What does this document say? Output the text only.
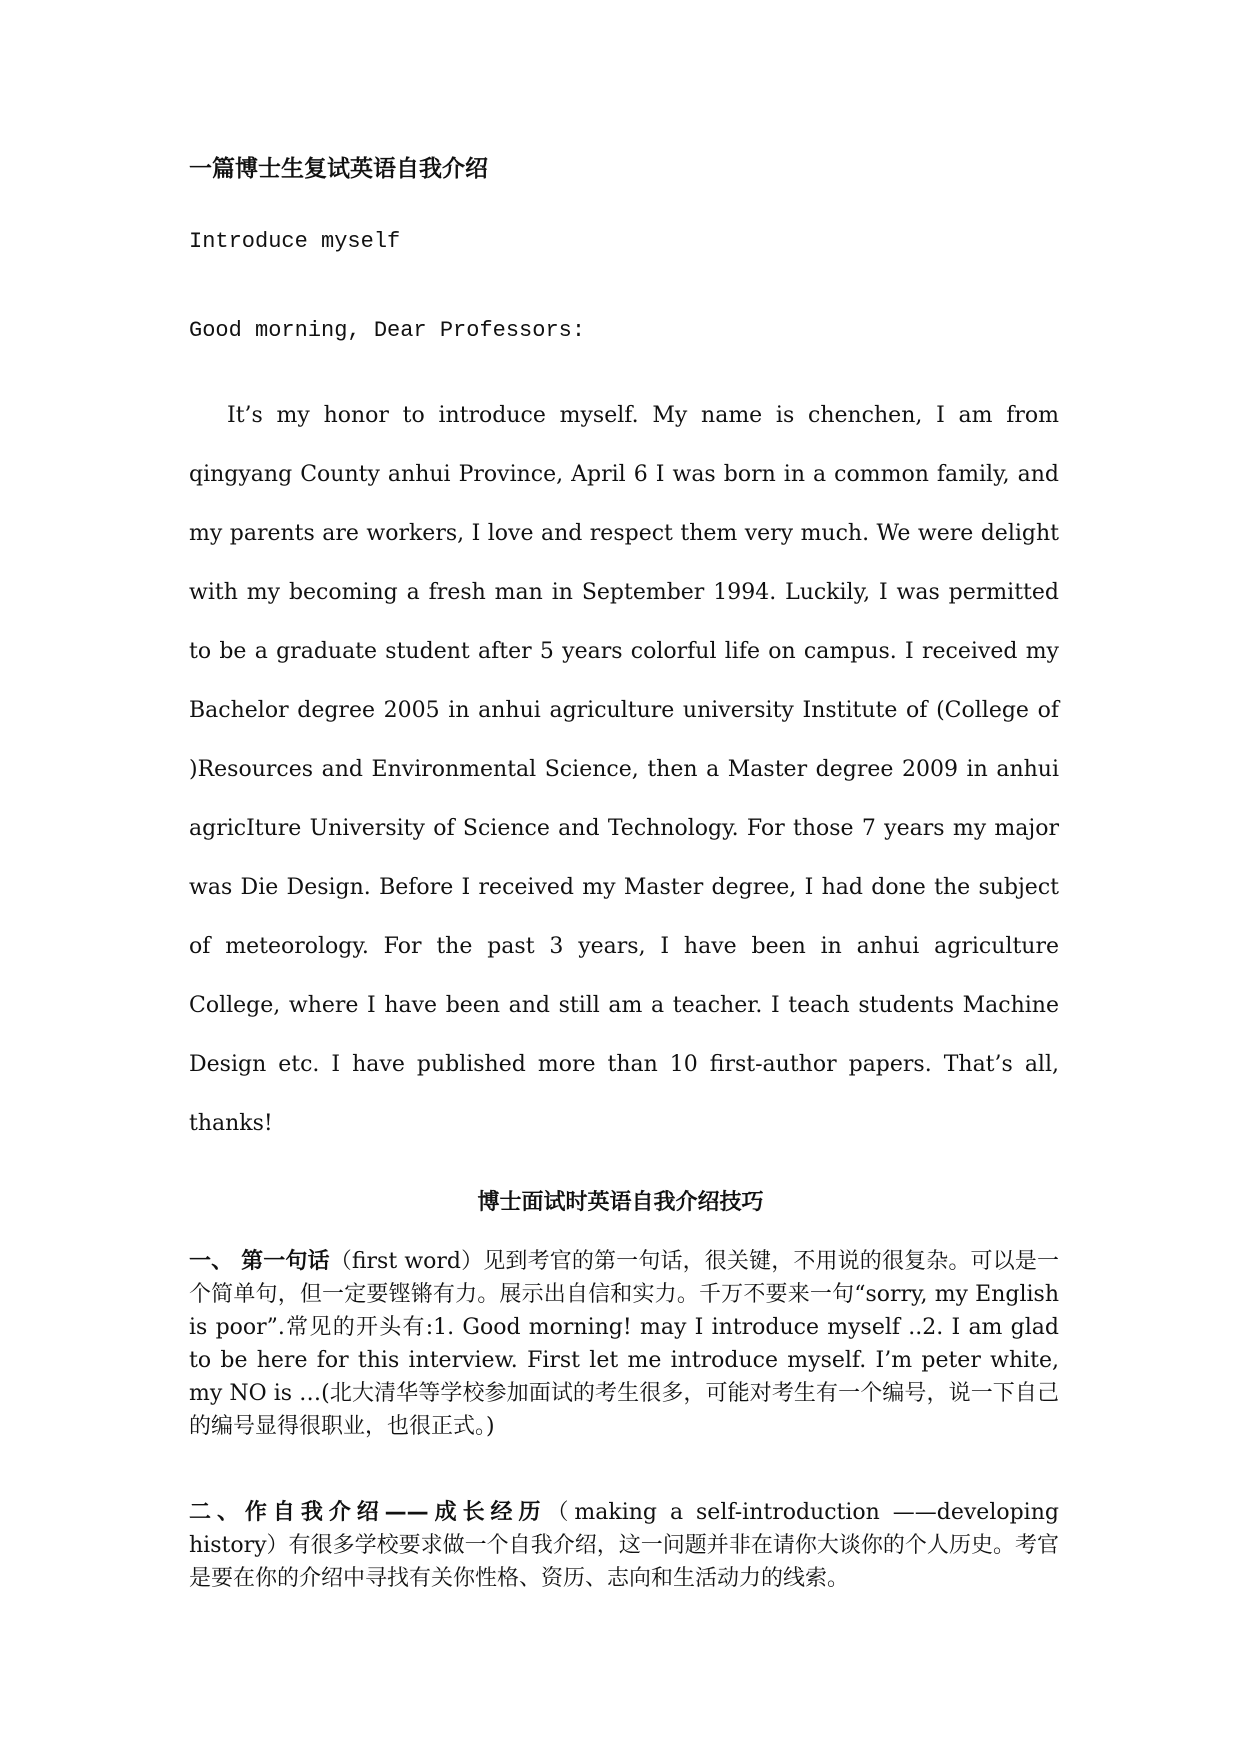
一篇博士生复试英语自我介绍
Introduce myself
Good morning, Dear Professors:
It’s my honor to introduce myself. My name is chenchen, I am from qingyang County anhui Province, April 6 I was born in a common family, and my parents are workers, I love and respect them very much. We were delight with my becoming a fresh man in September 1994. Luckily, I was permitted to be a graduate student after 5 years colorful life on campus. I received my Bachelor degree 2005 in anhui agriculture university Institute of (College of )Resources and Environmental Science, then a Master degree 2009 in anhui agricIture University of Science and Technology. For those 7 years my major was Die Design. Before I received my Master degree, I had done the subject of meteorology. For the past 3 years, I have been in anhui agriculture College, where I have been and still am a teacher. I teach students Machine Design etc. I have published more than 10 first-author papers. That’s all, thanks!
博士面试时英语自我介绍技巧
一、 第一句话（first word）见到考官的第一句话，很关键，不用说的很复杂。可以是一个简单句，但一定要铿锵有力。展示出自信和实力。千万不要来一句“sorry, my English is poor”.常见的开头有:1. Good morning! may I introduce myself ..2. I am glad to be here for this interview. First let me introduce myself. I’m peter white, my NO is …(北大清华等学校参加面试的考生很多，可能对考生有一个编号，说一下自己的编号显得很职业，也很正式。)
二、作自我介绍——成长经历（making a self-introduction ——developing history）有很多学校要求做一个自我介绍，这一问题并非在请你大谈你的个人历史。考官是要在你的介绍中寻找有关你性格、资历、志向和生活动力的线索。
